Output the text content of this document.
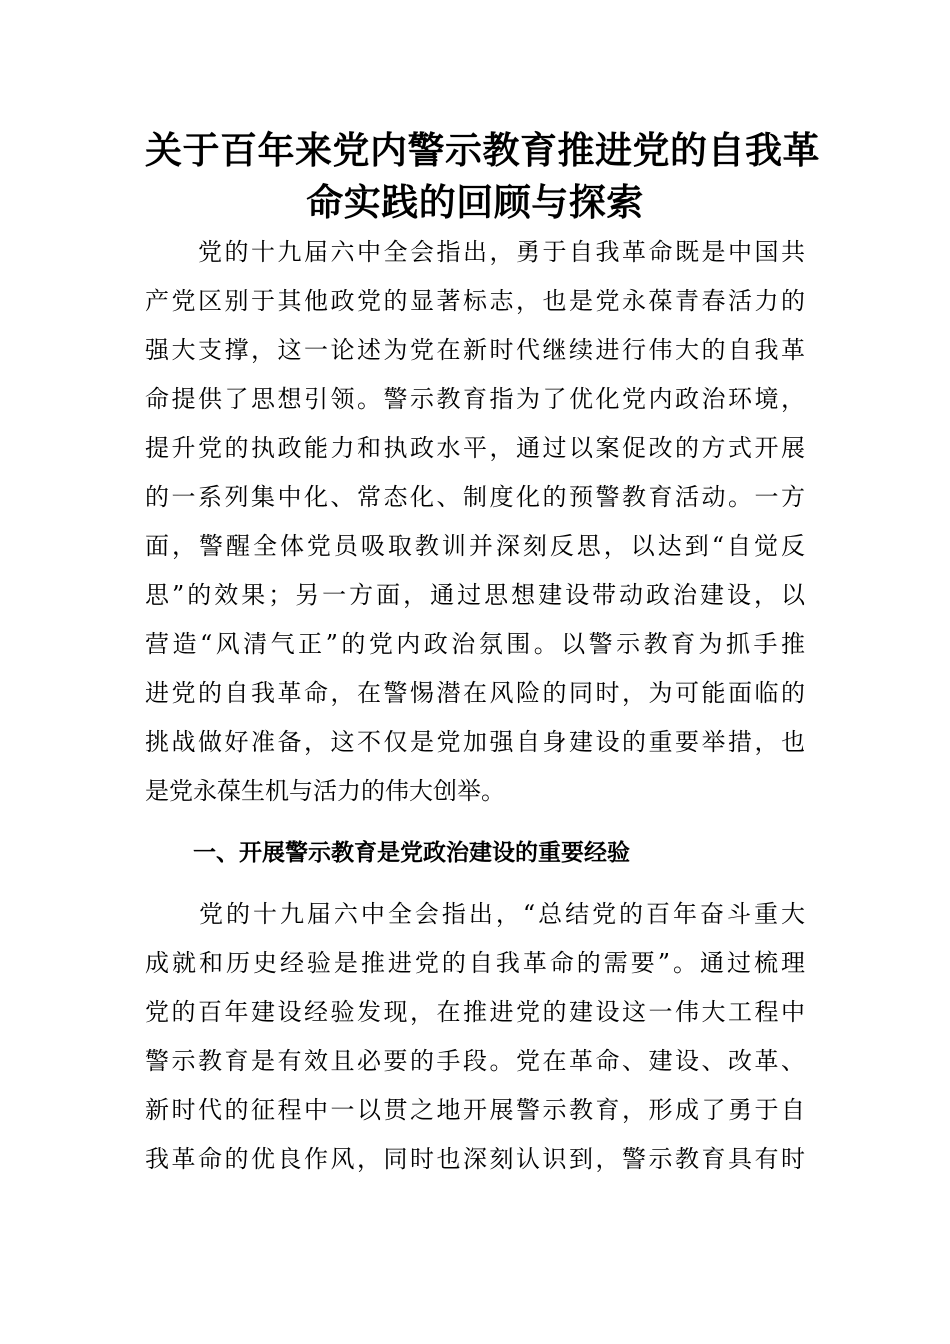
关于百年来党内警示教育推进党的自我革
命实践的回顾与探索

　　党的十九届六中全会指出，勇于自我革命既是中国共
产党区别于其他政党的显著标志，也是党永葆青春活力的
强大支撑，这一论述为党在新时代继续进行伟大的自我革
命提供了思想引领。警示教育指为了优化党内政治环境，
提升党的执政能力和执政水平，通过以案促改的方式开展
的一系列集中化、常态化、制度化的预警教育活动。一方
面，警醒全体党员吸取教训并深刻反思，以达到“自觉反
思”的效果；另一方面，通过思想建设带动政治建设，以
营造“风清气正”的党内政治氛围。以警示教育为抓手推
进党的自我革命，在警惕潜在风险的同时，为可能面临的
挑战做好准备，这不仅是党加强自身建设的重要举措，也
是党永葆生机与活力的伟大创举。

一、开展警示教育是党政治建设的重要经验

　　党的十九届六中全会指出，“总结党的百年奋斗重大
成就和历史经验是推进党的自我革命的需要”。通过梳理
党的百年建设经验发现，在推进党的建设这一伟大工程中
警示教育是有效且必要的手段。党在革命、建设、改革、
新时代的征程中一以贯之地开展警示教育，形成了勇于自
我革命的优良作风，同时也深刻认识到，警示教育具有时
